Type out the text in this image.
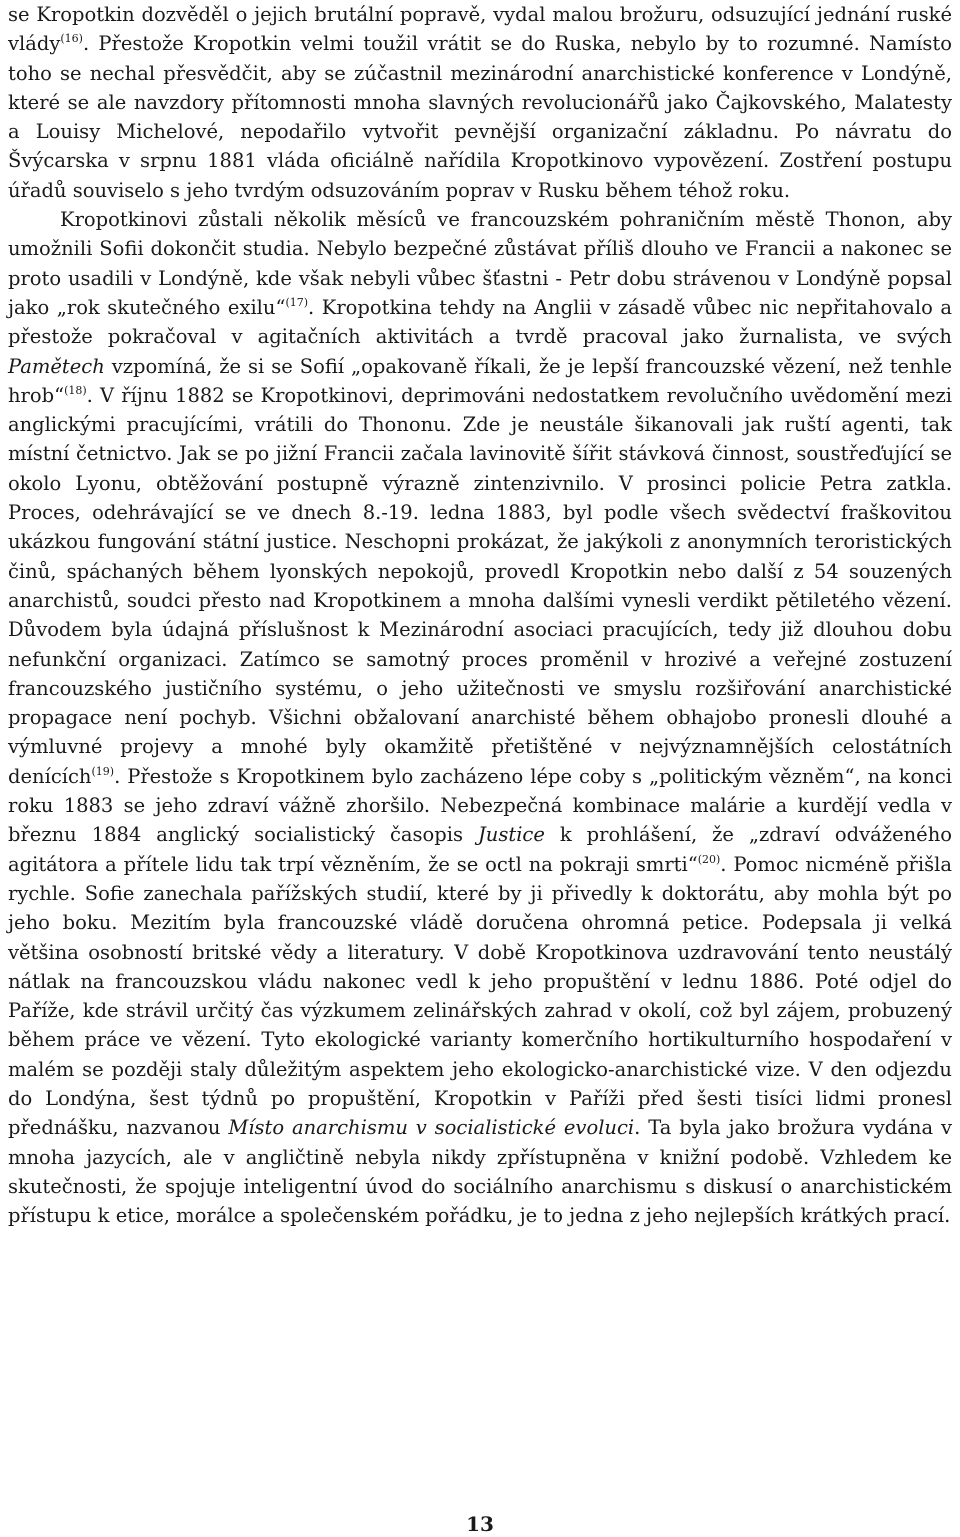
se Kropotkin dozvěděl o jejich brutální popravě, vydal malou brožuru, odsuzující jednání ruské vlády$^{(16)}$. Přestože Kropotkin velmi toužil vrátit se do Ruska, nebylo by to rozumné. Namísto toho se nechal přesvědčit, aby se zúčastnil mezinárodní anarchistické konference v Londýně, které se ale navzdory přítomnosti mnoha slavných revolucionářů jako Čajkovského, Malatesty a Louisy Michelové, nepodařilo vytvořit pevnější organizační základnu. Po návratu do Švýcarska v srpnu 1881 vláda oficiálně nařídila Kropotkinovo vypovězení. Zostření postupu úřadů souviselo s jeho tvrdým odsuzováním poprav v Rusku během téhož roku.

Kropotkinovi zůstali několik měsíců ve francouzském pohraničním městě Thonon, aby umožnili Sofii dokončit studia. Nebylo bezpečné zůstávat příliš dlouho ve Francii a nakonec se proto usadili v Londýně, kde však nebyli vůbec šťastni - Petr dobu strávenou v Londýně popsal jako „rok skutečného exilu“$^{(17)}$. Kropotkina tehdy na Anglii v zásadě vůbec nic nepřitahovalo a přestože pokračoval v agitačních aktivitách a tvrdě pracoval jako žurnalista, ve svých Pamětech vzpomíná, že si se Sofií „opakovaně říkali, že je lepší francouzské vězení, než tenhle hrob“$^{(18)}$. V říjnu 1882 se Kropotkinovi, deprimováni nedostatkem revolučního uvědomění mezi anglickými pracujícími, vrátili do Thononu. Zde je neustále šikanovali jak ruští agenti, tak místní četnictvo. Jak se po jižní Francii začala lavinovitě šířit stávková činnost, soustřeďující se okolo Lyonu, obtěžování postupně výrazně zintenzivnilo. V prosinci policie Petra zatkla. Proces, odehrávající se ve dnech 8.-19. ledna 1883, byl podle všech svědectví fraškovitou ukázkou fungování státní justice. Neschopni prokázat, že jakýkoli z anonymních teroristických činů, spáchaných během lyonských nepokojů, provedl Kropotkin nebo další z 54 souzených anarchistů, soudci přesto nad Kropotkinem a mnoha dalšími vynesli verdikt pětiletého vězení. Důvodem byla údajná příslušnost k Mezinárodní asociaci pracujících, tedy již dlouhou dobu nefunkční organizaci. Zatímco se samotný proces proměnil v hrozivé a veřejné zostuzení francouzského justičního systému, o jeho užitečnosti ve smyslu rozšiřování anarchistické propagace není pochyb. Všichni obžalovaní anarchisté během obhajobo pronesli dlouhé a výmluvné projevy a mnohé byly okamžitě přetištěné v nejvýznamnějších celostátních denících$^{(19)}$. Přestože s Kropotkinem bylo zacházeno lépe coby s „politickým vězněm“, na konci roku 1883 se jeho zdraví vážně zhoršilo. Nebezpečná kombinace malárie a kurdějí vedla v březnu 1884 anglický socialistický časopis Justice k prohlášení, že „zdraví odváženého agitátora a přítele lidu tak trpí vězněním, že se octl na pokraji smrti“$^{(20)}$. Pomoc nicméně přišla rychle. Sofie zanechala pařížských studií, které by ji přivedly k doktorátu, aby mohla být po jeho boku. Mezitím byla francouzské vládě doručena ohromná petice. Podepsala ji velká většina osobností britské vědy a literatury. V době Kropotkinova uzdravování tento neustálý nátlak na francouzskou vládu nakonec vedl k jeho propuštění v lednu 1886. Poté odjel do Paříže, kde strávil určitý čas výzkumem zelinářských zahrad v okolí, což byl zájem, probuzený během práce ve vězení. Tyto ekologické varianty komerčního hortikulturního hospodaření v malém se později staly důležitým aspektem jeho ekologicko-anarchistické vize. V den odjezdu do Londýna, šest týdnů po propuštění, Kropotkin v Paříži před šesti tisíci lidmi pronesl přednášku, nazvanou Místo anarchismu v socialistické evoluci. Ta byla jako brožura vydána v mnoha jazycích, ale v angličtině nebyla nikdy zpřístupněna v knižní podobě. Vzhledem ke skutečnosti, že spojuje inteligentní úvod do sociálního anarchismu s diskusí o anarchistickém přístupu k etice, morálce a společenském pořádku, je to jedna z jeho nejlepších krátkých prací.

13
